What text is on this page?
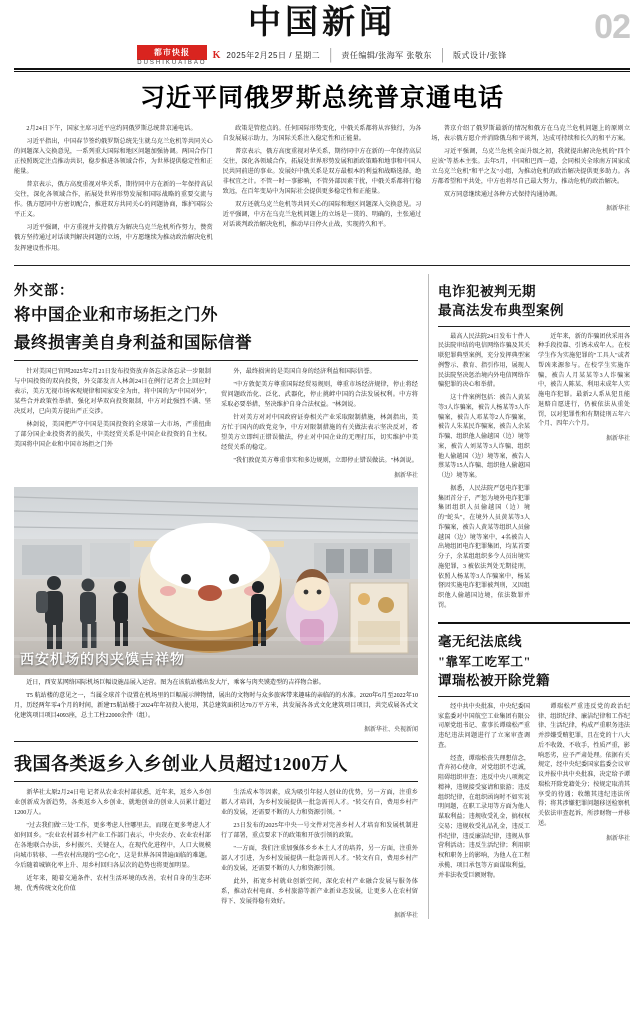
02
中国新闻
都市快报
DUSHIKUAIBAO
K 2025年2月25日 / 星期二 | 责任编辑/张海军 张敬东 | 版式设计/张锋
习近平同俄罗斯总统普京通电话

2月24日下午，国家主席习近平应约同俄罗斯总统普京通电话。

习近平指出，中国春节签约俄罗斯总统先生就乌克兰危机等共同关心的问题深入交换意见，一系列重大国际和地区问题加强协调。两国合作门正按照既定注点推动共识，稳步推进各领域合作，为世界提供稳定性和正能量。

普京表示，俄方高度重视对华关系，期待同中方在新的一年保持高层交往，深化各领域合作，拓展处世界形势发展和国际战略的重要交流与作。俄方愿同中方密切配合，推进双方共同关心的问题协商，维护国际公平正义。

习近平强调，中方重视并支持俄方为解决乌克兰危机所作努力，赞赏俄方坚持通过对话谈判解决问题的立场，中方愿继续为推动政治解决危机发挥建设性作用。

政策是管控点的。任何国际形势变化，中俄关系都将从容独行，为各自发展展示助力，为国际关系注入稳定性和正能量。

普京表示，俄方高度重视对华关系，期待同中方在新的一年保持高层交往，深化各领域合作，拓展处世界形势发展和新政策略和地事和中国人民共同前进的事业。发展好中俄关系是双方最根本的利益和战略选择，绝非权宜之计。不管一时一事影响，不管外部因素干扰，中俄关系都将行稳致远，在百年变局中为国际社会提供更多稳定性和正能量。

双方还就乌克兰危机等共同关心的国际和地区问题深入交换意见。习近平强调，中方在乌克兰危机问题上的立场是一贯的、明确的，主张通过对话谈判政治解决危机，推动早日停火止战，实现持久和平。

普京介绍了俄罗斯最新的情况和俄方在乌克兰危机问题上的原则立场，表示俄方愿介并消除俄乌和平谈判，达成可持续和长久的和平方案。

习近平强调，乌克兰危机全面升级之初，我就提出解决危机的"四个应该"等基本主张。去年5月，中国和巴西一道，会同相关全球南方国家成立乌克兰危机"和平之友"小组，为推动危机的政治解决提供更多助力。各方都希望和平共处，中方也将尽自己最大努力，推动危机的政治解决。

双方同意继续通过各种方式保持沟通协调。

据新华社
外交部：
将中国企业和市场拒之门外
最终损害美自身利益和国际信誉

针对美国已官网2025年2月21日发布投资放弃备忘录备忘录一步限制与中国投资的双向投资，外交部发言人林剑24日在例行记者会上回应时表示，美方无视市场客观规律和国家安全为由，将中国的为"中国对外"，某些合并政策性举措、强化对华双向投资限制，中方对此强烈不满、坚决反对，已向美方提出严正交涉。

林剑说，美国把严守中国是美国投资的全球第一大市场，严重扭曲了部分国企业投资者的损失，中美经贸关系是中国企业投资的自主权。美国将中国企业和中国市场拒之门外

外，最终损害的是美国自身的经济利益和国际信誉。

"中方敦促美方尊重国际经贸易规则，尊重市场经济规律，停止将经贸问题政治化、泛化、武器化，停止挑衅中国的合法发展权利。中方将采取必要举措，坚决维护自身合法权益。"林剑说。

针对美方对对中国政府证券相关产业采取限制措施，林剑指出，美方忙于国内的政党竞争，中方对限制措施的有关做法表示坚决反对，希望美方立即纠正错误做法，停止对中国企业的无理打压，切实维护中美经贸关系的稳定。

"我们敦促美方尊重事实和多边规则，立即停止错误做法。"林剑说。

据新华社
西安机场的肉夹馍吉祥物

近日，西安某网络国际机场巨幅设施品展入运营。图为在该航站楼出发大厅，乘客与肉夹馍造型的吉祥物合影。

T5 航站楼的意见之一，当属全球首个设置在机场里的巨幅展示牌物情，展出的文物时与众多旅客带来趣味的亲临的的水准。2020年6月至2022年10月，历经两年零4个月的时间，新建T5航站楼于2024年年初投入使用，其总建筑面积达70万平方米，共发展各各式文化建筑项目项目，共完成展各式文化建筑项目项目4093座，总土工柱22000余件（组）。

据新华社、央视新闻
我国各类返乡入乡创业人员超过1200万人

新华社太原2月24日电 记者从农业农村部获悉，近年来，返乡入乡创业创新成为新趋势，各类返乡入乡创业、就地创业的创业人员累计超过1200万人。

"过去我们做'三处'工作，更多考虑人往哪里去，而现在更多考虑人才如何回乡。"农业农村部乡村产业工作部门表示，中央农办、农业农村部在各地联合办法，乡村振兴、关键在人，在现代化进程中，人口大规模向城市转移、一些农村出现的"空心化"，这是世界各国普遍面临的难题。今后随着城镇化率上升、用乡村回归各层次的趋势也将更加明显。

近年来，随着交通条件、农村生活环境的改善，农村自身的生态环境、优秀传统文化价值

生活成本等因素，成为吸引年轻人创业的优势，另一方面，注重乡都人才培训，为乡村发展提供一批急需刊人才。"转交有自，费用乡村产业的发展，还需要不断的人力和资源引领。"

23日发布的2025年中央一号文件对完善乡村人才培育和发展机制进行了部署，重点要求下的政策和开放引领的政策。

"一方面，我们注重加强体乡乡本土人才的培养，另一方面，注重外部人才引进，为乡村发展提供一批急需刊人才。"转文有自，费用乡村产业的发展，还需要不断的人力和资源引领。

此外，拓宽乡村就业创新空间，深化农村产业融合发展与服务体系，推动农村电商、乡村旅游等新产业新业态发展，让更多人在农村留得下、发展得稳有效好。

据新华社
电诈犯被判无期
最高法发布典型案例

最高人民法院24日发布十件人民法院审结的电信网络诈骗及其关联犯罪典型案例，充分发挥典型案例警示、教育、指引作用，展现人民法院坚决惩治境内外电信网络诈骗犯罪的决心和举措。

这十件案例包括：被告人黄某等3人诈骗案，被告人杨某等3人诈骗案，被告人邓某等2人诈骗案，被告人朱某民诈骗案，被告人余某诈骗、组织他人偷越国（边）境等案，被告人刘某等3人诈骗、组织他人偷越国（边）境等案，被告人蔡某等15人诈骗、组织他人偷越国（边）境等案。

据悉，人民法院严惩电诈犯罪集团首分子，严惩为境外电诈犯罪集团组织人员偷越国（边）境的"蛇头"，在境外人员黄某等3人诈骗案，被告人黄某等组织人员偷越国（边）境等案中，4名被告人出境组团电诈犯罪集团，均某首要分子，余某组组织多令人员出境实施犯罪，3 被依法判处无期徒刑，依照人杨某等3人诈骗案中，杨某督因实施电诈犯罪被判刑，又因组织他人偷越国边境，依法数罪并罚。

近年来，新的诈骗团伙采用各种手段投靠、引诱未成年人。在校学生作为实施犯罪的"工具人"或者帮凶来源参与。在校学生实施诈骗，被告人月某某等3人诈骗案中，被告人陈某、利用未成年人实施电诈犯罪。最新2人系从犯且能退赔自愿进行，仍被依法从重处罚，以对犯罪性和有期徒刑五年六个月、四年六个月。

据新华社
毫无纪法底线
"靠军工吃军工"
谭瑞松被开除党籍

经中共中央批准，中央纪委国家监委对中国航空工业集团有限公司原党组书记、董事长谭瑞松严重违纪违法问题进行了立案审查调查。

经查，谭瑞松丧失理想信念，背弃初心使命，对党组织不忠诚，阻碍组织审查；违反中央八项规定精神，违规接受宴请和旅游；违反组织纪律，在组织函询时不如实说明问题，在职工录用等方面为他人谋取利益；违规收受礼金，搞权权交易；违规收受礼品礼金，违反工作纪律，违反廉洁纪律，违规从事营利活动；违反生活纪律；利用职权和职务上的影响，为他人在工程承揽、项目承包等方面谋取利益，并非法收受巨额财物。

谭瑞松严重违反党的政治纪律、组织纪律、廉洁纪律和工作纪律、生活纪律，构成严重职务违法并涉嫌受贿犯罪，且在党的十八大后不收敛、不收手，性质严重，影响恶劣，应予严肃处理。依据有关规定，经中央纪委国家监委会议审议并报中共中央批准，决定给予谭瑞松开除党籍处分；按规定取消其享受的待遇；收缴其违纪违法所得；将其涉嫌犯罪问题移送检察机关依法审查起诉，所涉财物一并移送。

据新华社
